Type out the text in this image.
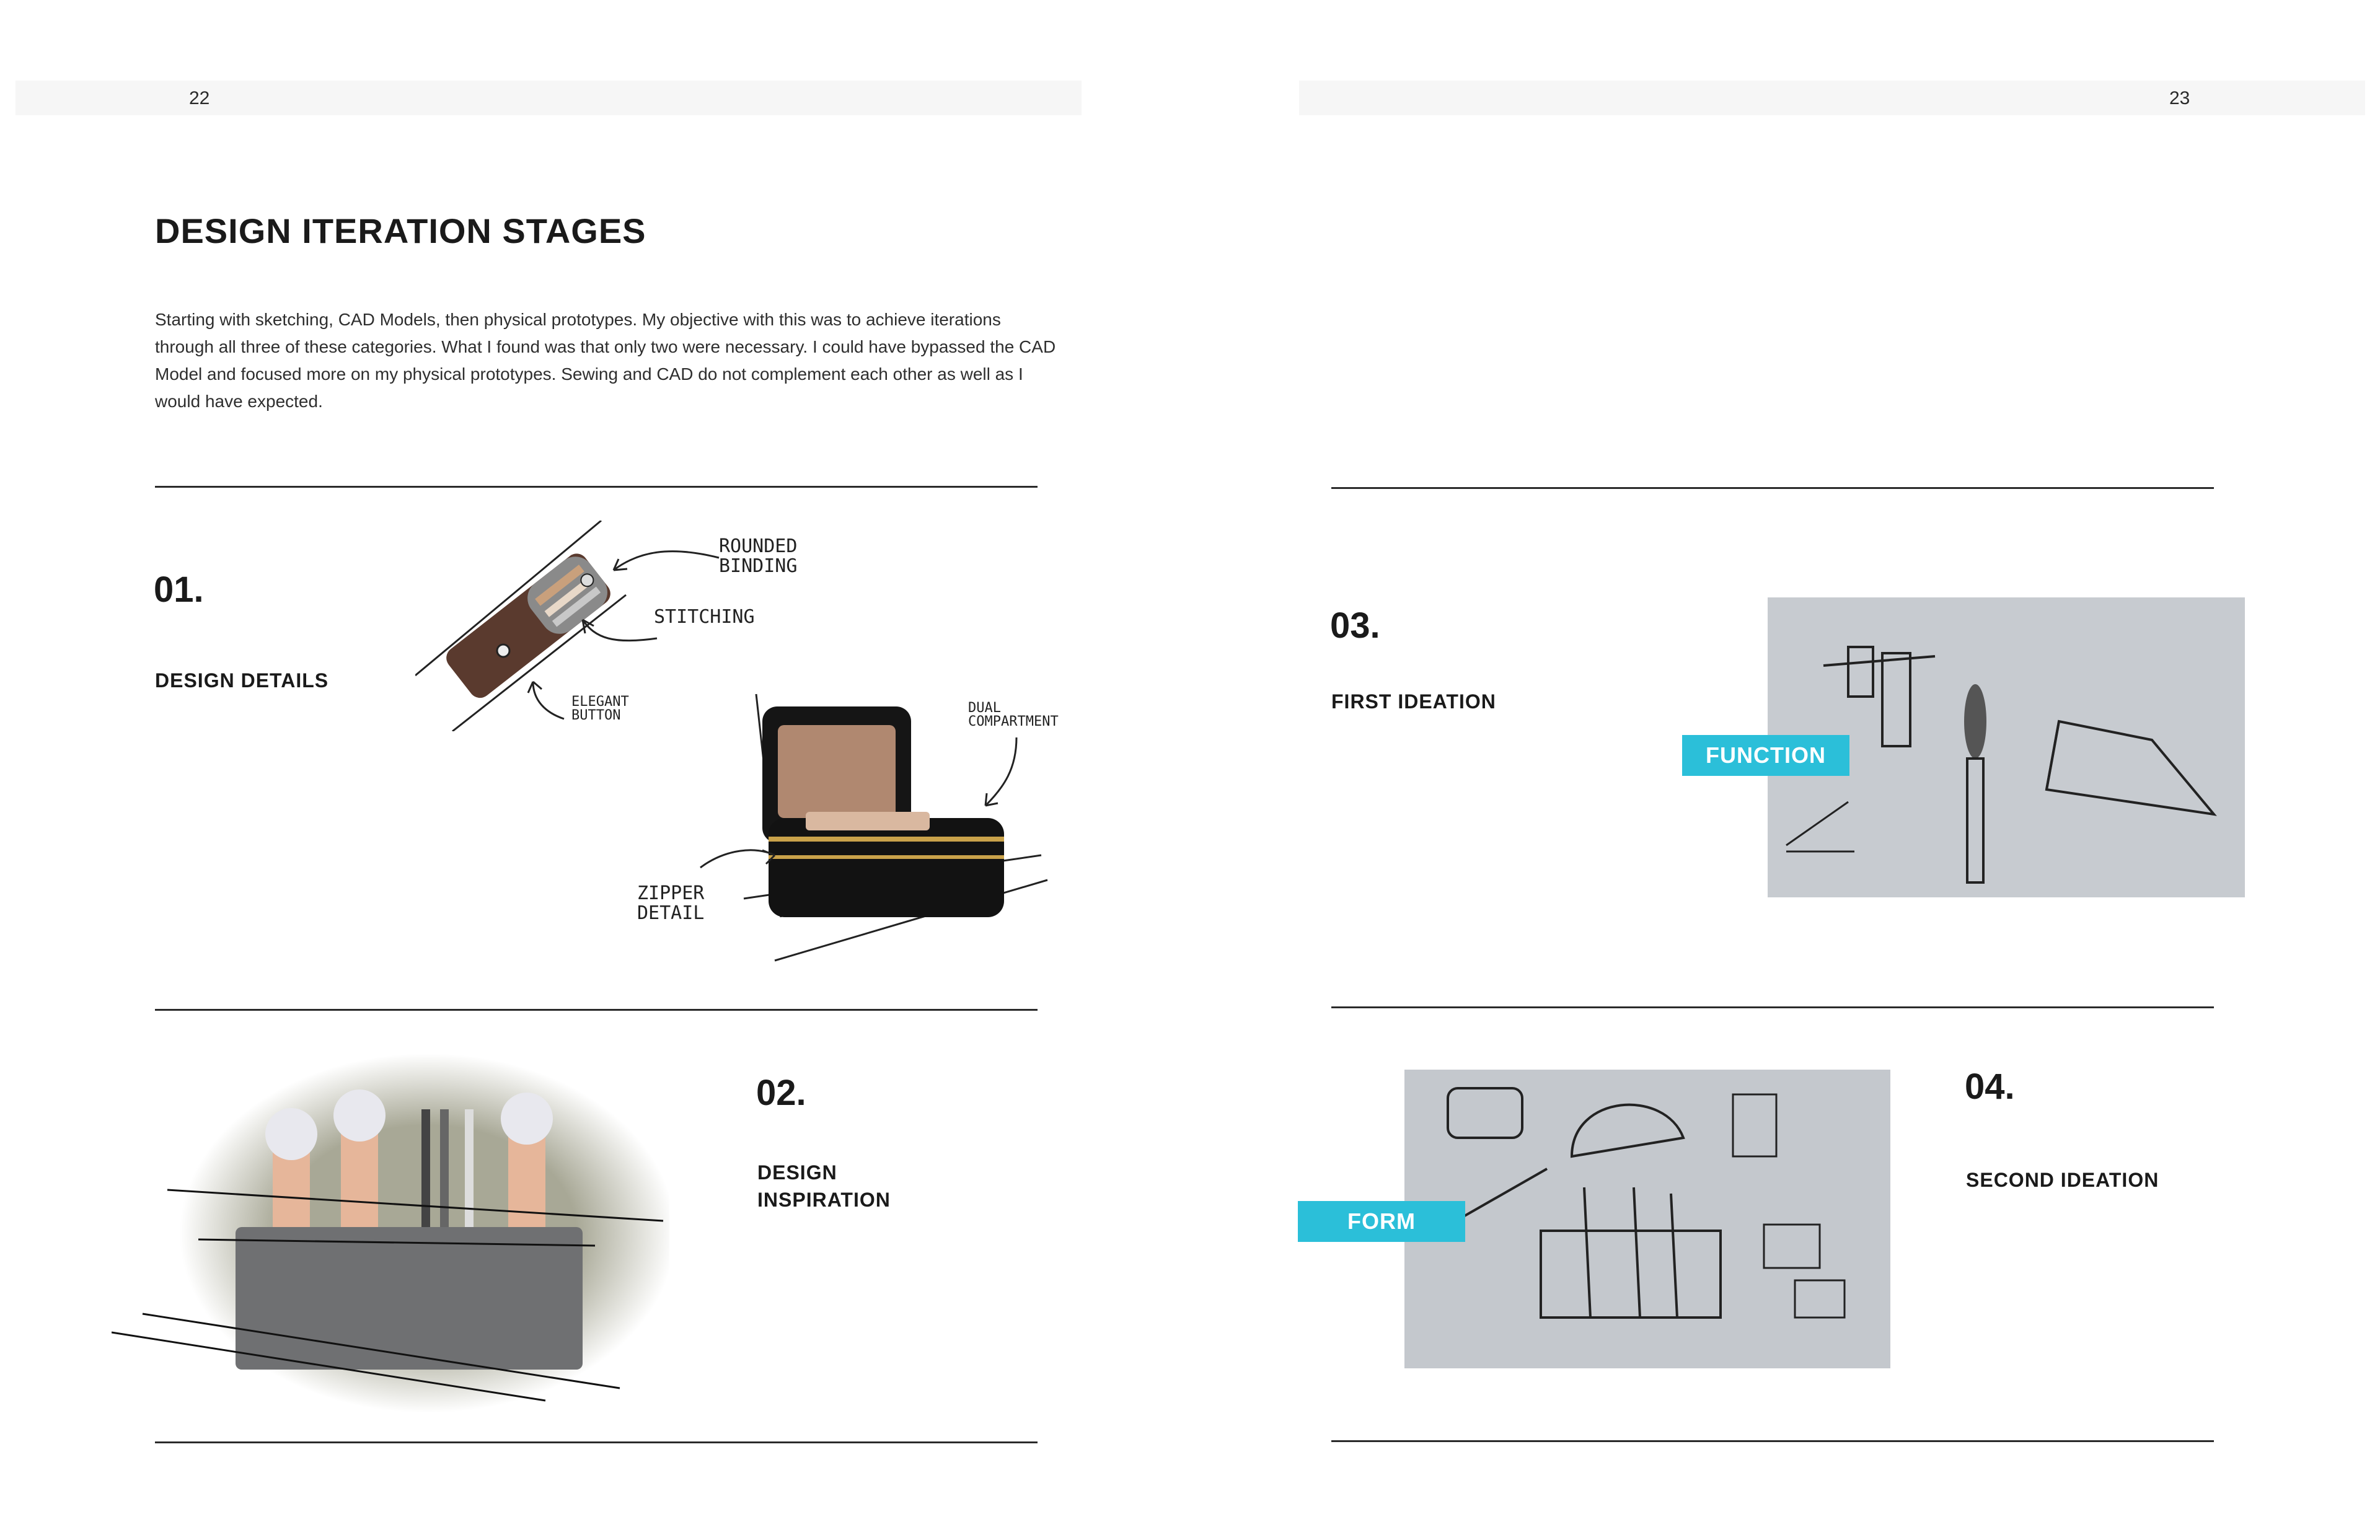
22
DESIGN ITERATION STAGES
Starting with sketching, CAD Models, then physical prototypes. My objective with this was to achieve iterations through all three of these categories. What I found was that only two were necessary. I could have bypassed the CAD Model and focused more on my physical prototypes. Sewing and CAD do not complement each other as well as I would have expected.
01.
DESIGN DETAILS
ROUNDED BINDING
STITCHING
ELEGANT BUTTON	DUAL COMPARTMENT
ZIPPER DETAIL
02.
DESIGN
INSPIRATION
23
03.
FIRST IDEATION
FUNCTION
FORM
04.
SECOND IDEATION
